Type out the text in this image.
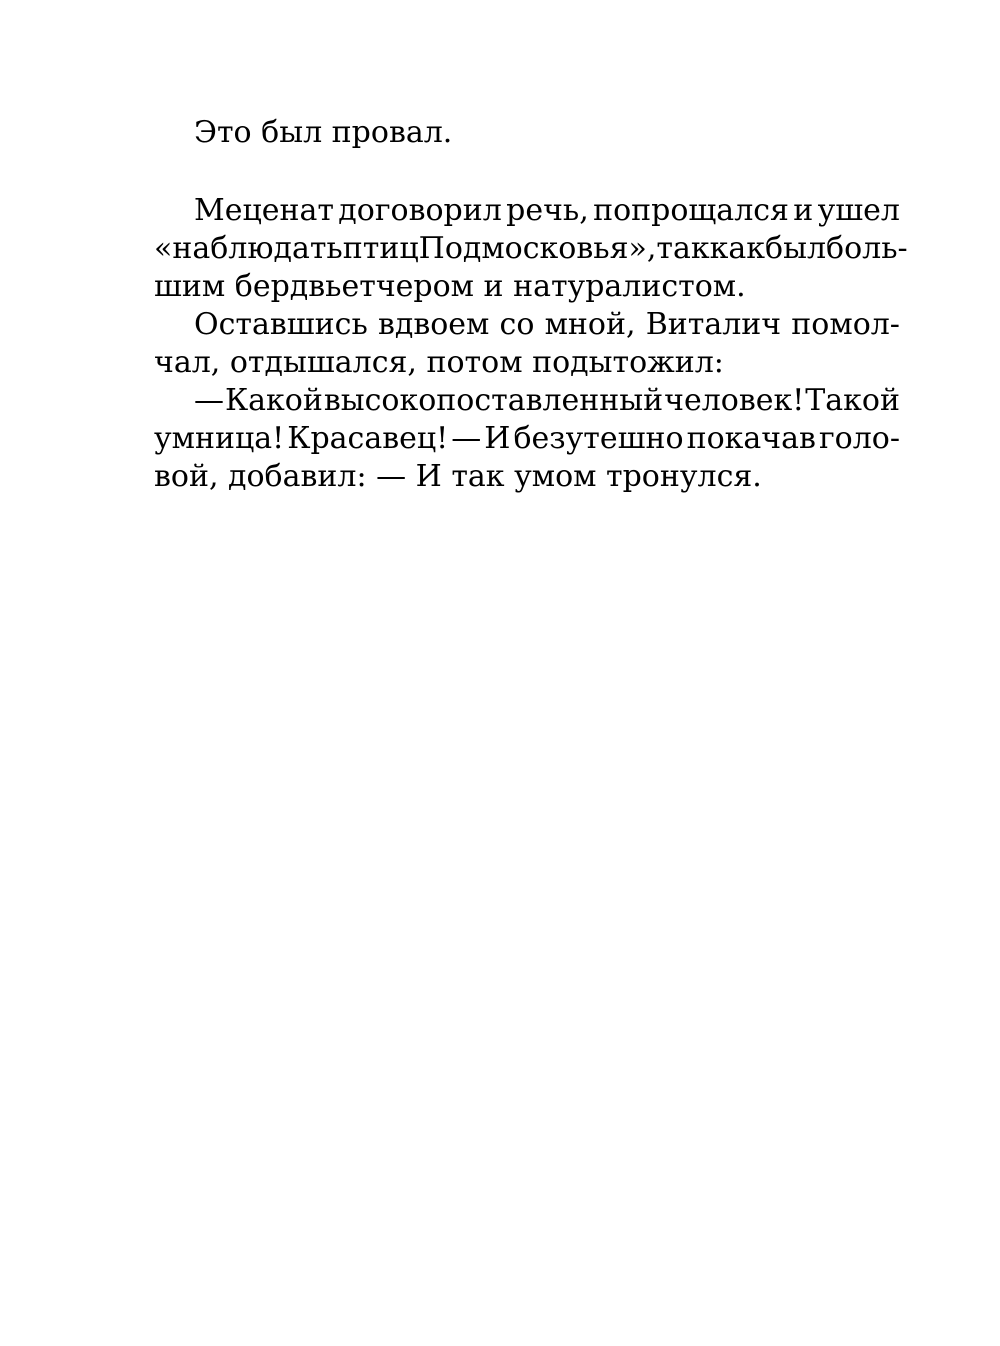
Это был провал.
Меценат договорил речь, попрощался и ушел
«наблюдать птиц Подмосковья», так как был боль-
шим бердвьетчером и натуралистом.
Оставшись вдвоем со мной, Виталич помол-
чал, отдышался, потом подытожил:
— Какой высокопоставленный человек! Такой
умница! Красавец! — И безутешно покачав голо-
вой, добавил: — И так умом тронулся.
